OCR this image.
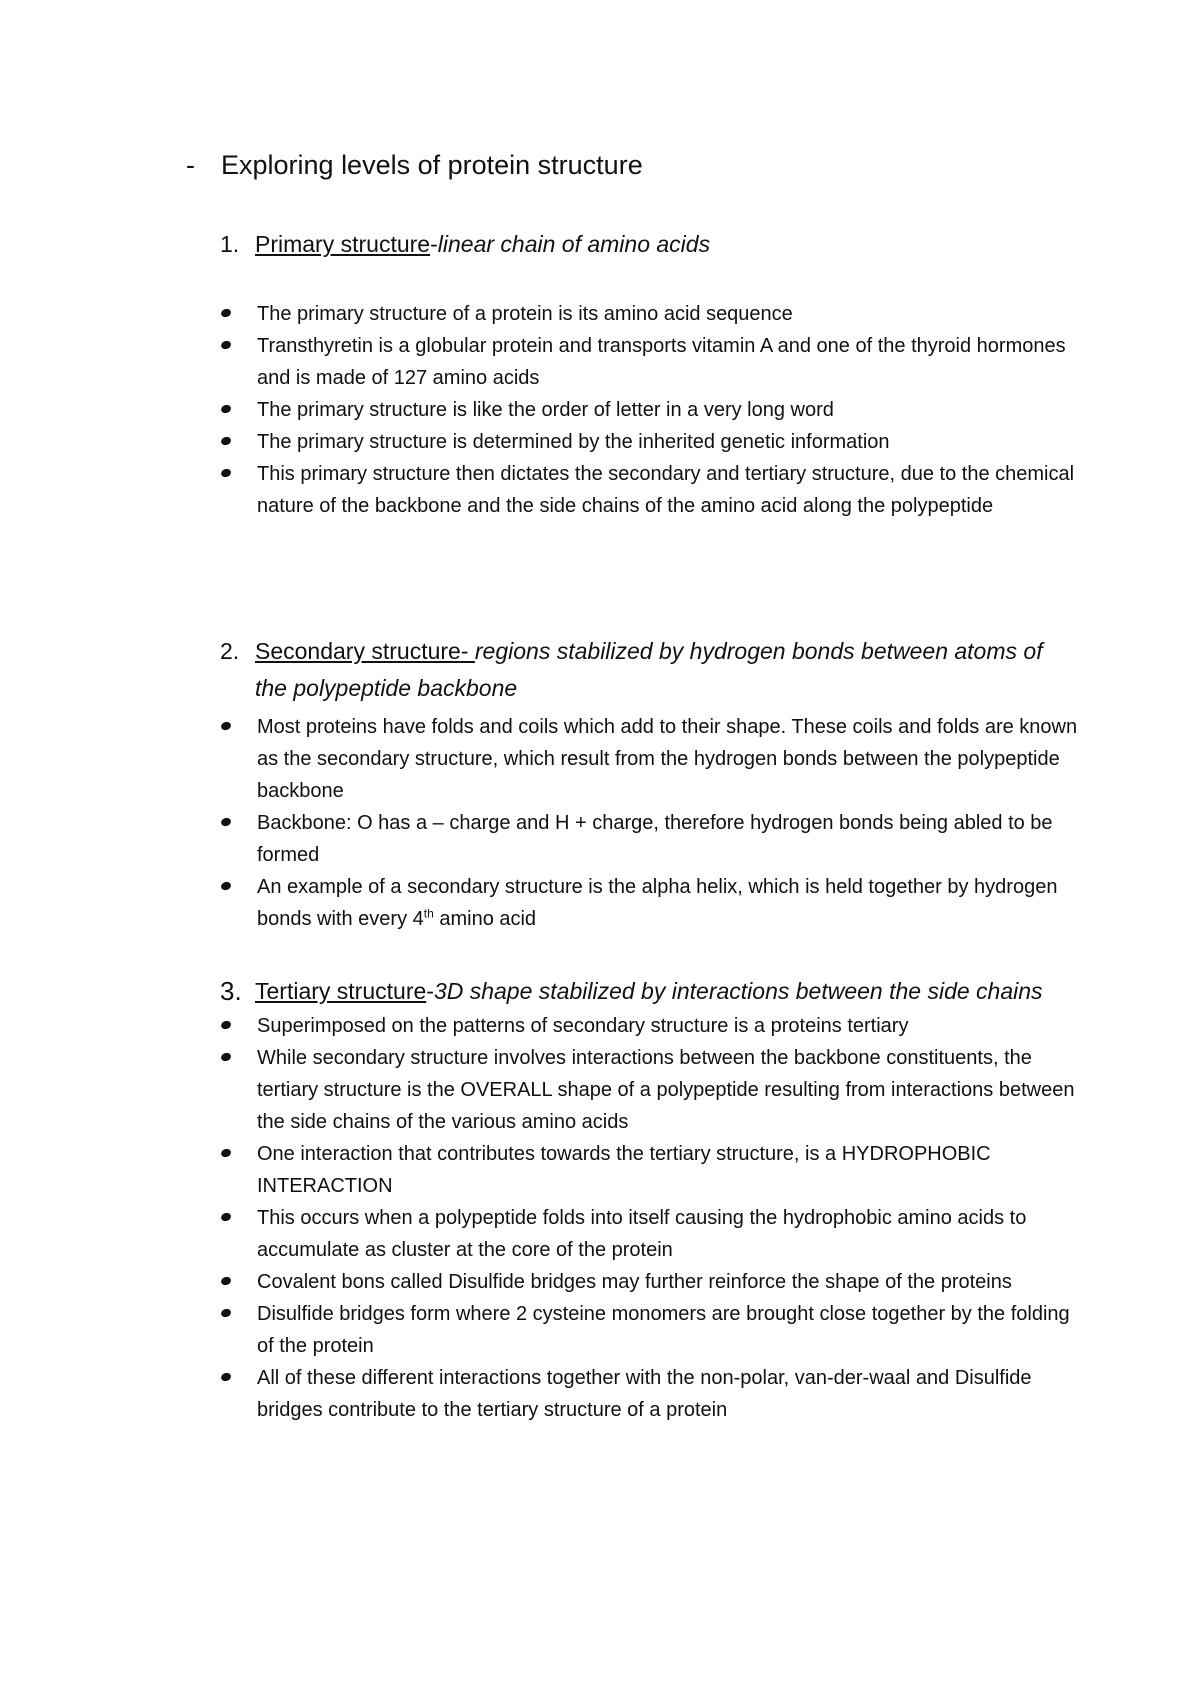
- Exploring levels of protein structure
1. Primary structure-linear chain of amino acids
The primary structure of a protein is its amino acid sequence
Transthyretin is a globular protein and transports vitamin A and one of the thyroid hormones and is made of 127 amino acids
The primary structure is like the order of letter in a very long word
The primary structure is determined by the inherited genetic information
This primary structure then dictates the secondary and tertiary structure, due to the chemical nature of the backbone and the side chains of the amino acid along the polypeptide
2. Secondary structure- regions stabilized by hydrogen bonds between atoms of the polypeptide backbone
Most proteins have folds and coils which add to their shape. These coils and folds are known as the secondary structure, which result from the hydrogen bonds between the polypeptide backbone
Backbone: O has a – charge and H + charge, therefore hydrogen bonds being abled to be formed
An example of a secondary structure is the alpha helix, which is held together by hydrogen bonds with every 4th amino acid
3. Tertiary structure-3D shape stabilized by interactions between the side chains
Superimposed on the patterns of secondary structure is a proteins tertiary
While secondary structure involves interactions between the backbone constituents, the tertiary structure is the OVERALL shape of a polypeptide resulting from interactions between the side chains of the various amino acids
One interaction that contributes towards the tertiary structure, is a HYDROPHOBIC INTERACTION
This occurs when a polypeptide folds into itself causing the hydrophobic amino acids to accumulate as cluster at the core of the protein
Covalent bons called Disulfide bridges may further reinforce the shape of the proteins
Disulfide bridges form where 2 cysteine monomers are brought close together by the folding of the protein
All of these different interactions together with the non-polar, van-der-waal and Disulfide bridges contribute to the tertiary structure of a protein
